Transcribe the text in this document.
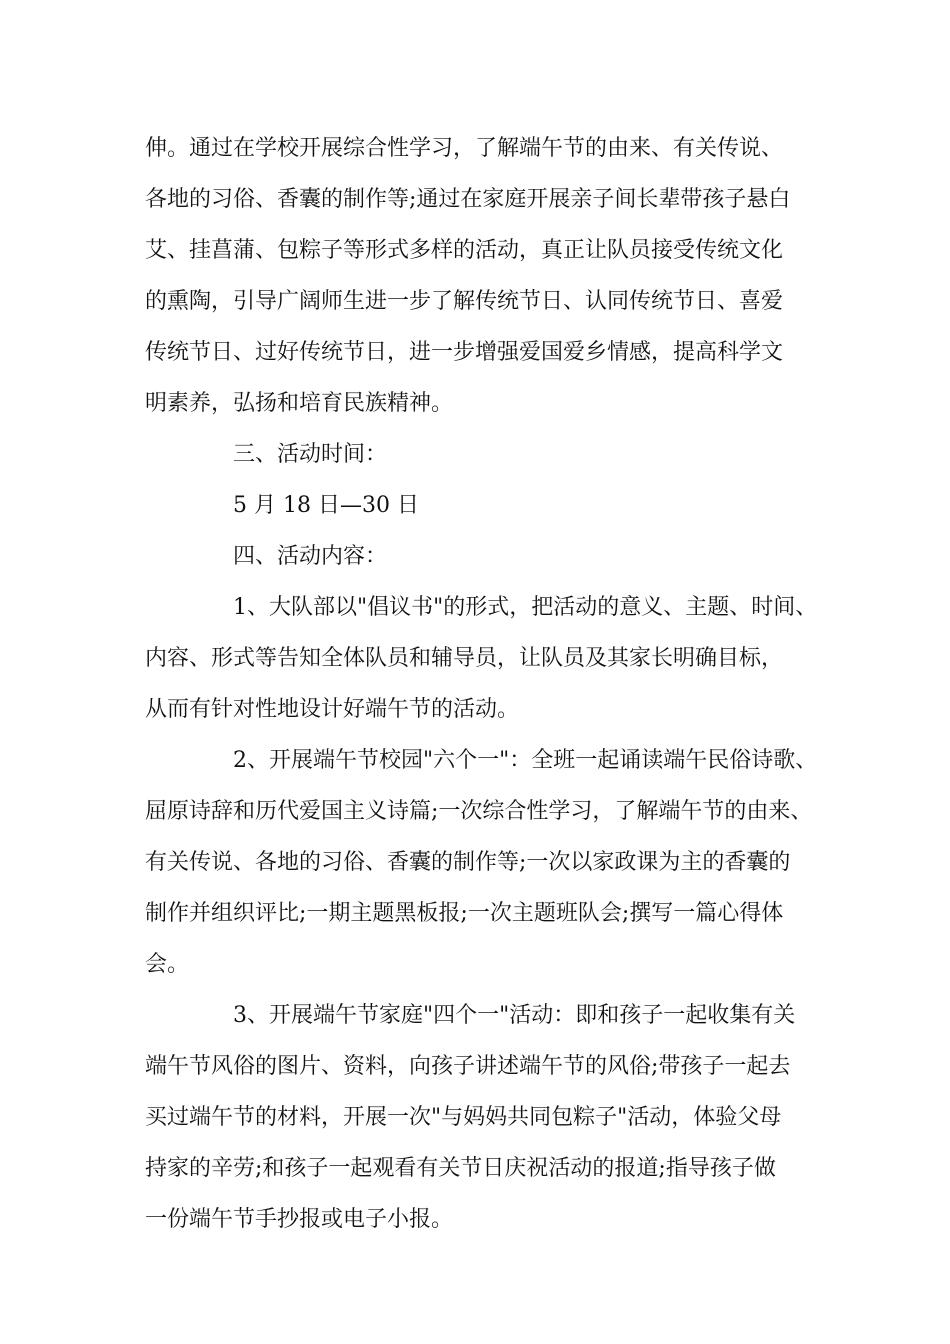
伸。通过在学校开展综合性学习，了解端午节的由来、有关传说、
各地的习俗、香囊的制作等;通过在家庭开展亲子间长辈带孩子悬白
艾、挂菖蒲、包粽子等形式多样的活动，真正让队员接受传统文化
的熏陶，引导广阔师生进一步了解传统节日、认同传统节日、喜爱
传统节日、过好传统节日，进一步增强爱国爱乡情感，提高科学文
明素养，弘扬和培育民族精神。
三、活动时间：
5 月 18 日—30 日
四、活动内容：
1、大队部以"倡议书"的形式，把活动的意义、主题、时间、
内容、形式等告知全体队员和辅导员，让队员及其家长明确目标，
从而有针对性地设计好端午节的活动。
2、开展端午节校园"六个一"：全班一起诵读端午民俗诗歌、
屈原诗辞和历代爱国主义诗篇;一次综合性学习，了解端午节的由来、
有关传说、各地的习俗、香囊的制作等;一次以家政课为主的香囊的
制作并组织评比;一期主题黑板报;一次主题班队会;撰写一篇心得体
会。
3、开展端午节家庭"四个一"活动：即和孩子一起收集有关
端午节风俗的图片、资料，向孩子讲述端午节的风俗;带孩子一起去
买过端午节的材料，开展一次"与妈妈共同包粽子"活动，体验父母
持家的辛劳;和孩子一起观看有关节日庆祝活动的报道;指导孩子做
一份端午节手抄报或电子小报。
